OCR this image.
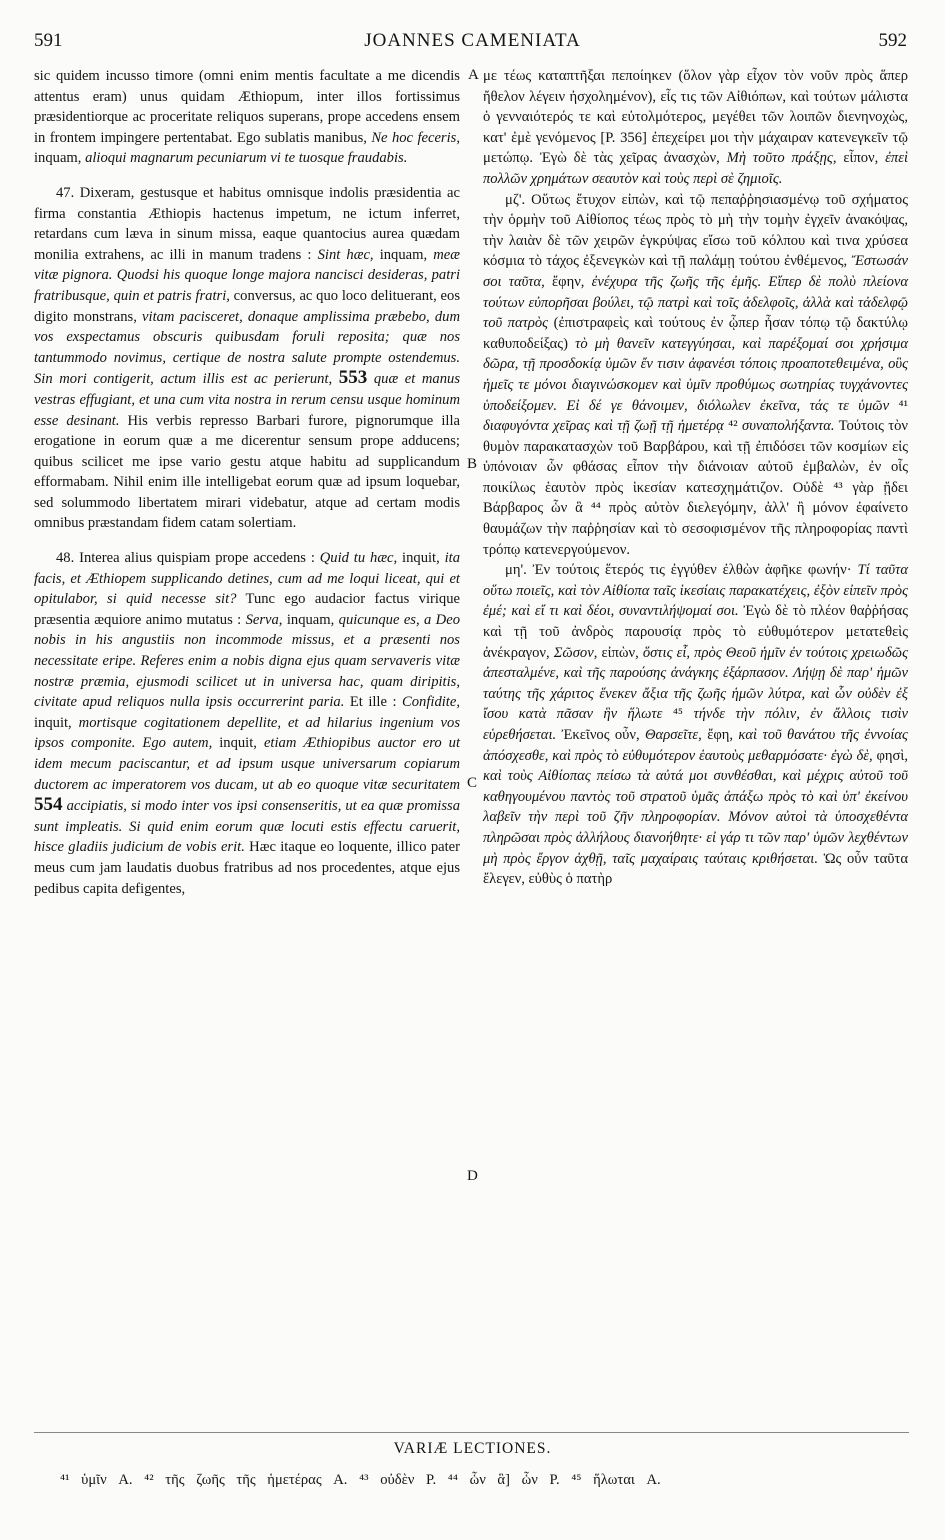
591	JOANNES CAMENIATA	592
A
B
C
D

sic quidem incusso timore (omni enim mentis facultate a me dicendis attentus eram) unus quidam Æthiopum, inter illos fortissimus præsidentiorque ac proceritate reliquos superans, prope accedens ensem in frontem impingere pertentabat. Ego sublatis manibus, Ne hoc feceris, inquam, alioqui magnarum pecuniarum vi te tuosque fraudabis.

47. Dixeram, gestusque et habitus omnisque indolis præsidentia ac firma constantia Æthiopis hactenus impetum, ne ictum inferret, retardans cum læva in sinum missa, eaque quantocius aurea quædam monilia extrahens, ac illi in manum tradens : Sint hæc, inquam, meæ vitæ pignora. Quodsi his quoque longe majora nancisci desideras, patri fratribusque, quin et patris fratri, conversus, ac quo loco delituerant, eos digito monstrans, vitam pacisceret, donaque amplissima præbebo, dum vos exspectamus obscuris quibusdam foruli reposita; quæ nos tantummodo novimus, certique de nostra salute prompte ostendemus. Sin mori contigerit, actum illis est ac perierunt, 553 quæ et manus vestras effugiant, et una cum vita nostra in rerum censu usque hominum esse desinant. His verbis represso Barbari furore, pignorumque illa erogatione in eorum quæ a me dicerentur sensum prope adducens; quibus scilicet me ipse vario gestu atque habitu ad supplicandum efformabam. Nihil enim ille intelligebat eorum quæ ad ipsum loquebar, sed solummodo libertatem mirari videbatur, atque ad certam modis omnibus præstandam fidem catam solertiam.

48. Interea alius quispiam prope accedens : Quid tu hæc, inquit, ita facis, et Æthiopem supplicando detines, cum ad me loqui liceat, qui et opitulabor, si quid necesse sit? Tunc ego audacior factus virique præsentia æquiore animo mutatus : Serva, inquam, quicunque es, a Deo nobis in his angustiis non incommode missus, et a præsenti nos necessitate eripe. Referes enim a nobis digna ejus quam servaveris vitæ nostræ præmia, ejusmodi scilicet ut in universa hac, quam diripitis, civitate apud reliquos nulla ipsis occurrerint paria. Et ille : Confidite, inquit, mortisque cogitationem depellite, et ad hilarius ingenium vos ipsos componite. Ego autem, inquit, etiam Æthiopibus auctor ero ut idem mecum paciscantur, et ad ipsum usque universarum copiarum ductorem ac imperatorem vos ducam, ut ab eo quoque vitæ securitatem 554 accipiatis, si modo inter vos ipsi consenseritis, ut ea quæ promissa sunt impleatis. Si quid enim eorum quæ locuti estis effectu caruerit, hisce gladiis judicium de vobis erit. Hæc itaque eo loquente, illico pater meus cum jam laudatis duobus fratribus ad nos procedentes, atque ejus pedibus capita defigentes,

με τέως καταπτῆξαι πεποίηκεν (ὅλον γὰρ εἶχον τὸν νοῦν πρὸς ἅπερ ἤθελον λέγειν ἠσχολημένον), εἷς τις τῶν Αἰθιόπων, καὶ τούτων μάλιστα ὁ γενναιότερός τε καὶ εὐτολμότερος, μεγέθει τῶν λοιπῶν διενηνοχὼς, κατ' ἐμὲ γενόμενος [P. 356] ἐπεχείρει μοι τὴν μάχαιραν κατενεγκεῖν τῷ μετώπῳ. Ἐγὼ δὲ τὰς χεῖρας ἀνασχὼν, Μὴ τοῦτο πράξῃς, εἶπον, ἐπεὶ πολλῶν χρημάτων σεαυτὸν καὶ τοὺς περὶ σὲ ζημιοῖς.

μζ'. Οὕτως ἔτυχον εἰπὼν, καὶ τῷ πεπαῤῥησιασμένῳ τοῦ σχήματος τὴν ὁρμὴν τοῦ Αἰθίοπος τέως πρὸς τὸ μὴ τὴν τομὴν ἐγχεῖν ἀνακόψας, τὴν λαιὰν δὲ τῶν χειρῶν ἐγκρύψας εἴσω τοῦ κόλπου καὶ τινα χρύσεα κόσμια τὸ τάχος ἐξενεγκὼν καὶ τῇ παλάμῃ τούτου ἐνθέμενος, Ἔστωσάν σοι ταῦτα, ἔφην, ἐνέχυρα τῆς ζωῆς τῆς ἐμῆς. Εἴπερ δὲ πολὺ πλείονα τούτων εὐπορῆσαι βούλει, τῷ πατρὶ καὶ τοῖς ἀδελφοῖς, ἀλλὰ καὶ τἀδελφῷ τοῦ πατρὸς (ἐπιστραφεὶς καὶ τούτους ἐν ᾧπερ ἦσαν τόπῳ τῷ δακτύλῳ καθυποδείξας) τὸ μὴ θανεῖν κατεγγύησαι, καὶ παρέξομαί σοι χρήσιμα δῶρα, τῇ προσδοκίᾳ ὑμῶν ἔν τισιν ἀφανέσι τόποις προαποτεθειμένα, οὓς ἡμεῖς τε μόνοι διαγινώσκομεν καὶ ὑμῖν προθύμως σωτηρίας τυγχάνοντες ὑποδείξομεν. Εἰ δέ γε θάνοιμεν, διόλωλεν ἐκεῖνα, τάς τε ὑμῶν ⁴¹ διαφυγόντα χεῖρας καὶ τῇ ζωῇ τῇ ἡμετέρᾳ ⁴² συναπολήξαντα. Τούτοις τὸν θυμὸν παρακατασχὼν τοῦ Βαρβάρου, καὶ τῇ ἐπιδόσει τῶν κοσμίων εἰς ὑπόνοιαν ὧν φθάσας εἶπον τὴν διάνοιαν αὐτοῦ ἐμβαλὼν, ἐν οἷς ποικίλως ἑαυτὸν πρὸς ἱκεσίαν κατεσχημάτιζον. Οὐδὲ ⁴³ γὰρ ᾔδει Βάρβαρος ὧν ἃ ⁴⁴ πρὸς αὐτὸν διελεγόμην, ἀλλ' ἢ μόνον ἐφαίνετο θαυμάζων τὴν παῤῥησίαν καὶ τὸ σεσοφισμένον τῆς πληροφορίας παντὶ τρόπῳ κατενεργούμενον.

μη'. Ἐν τούτοις ἕτερός τις ἐγγύθεν ἐλθὼν ἀφῆκε φωνήν· Τί ταῦτα οὕτω ποιεῖς, καὶ τὸν Αἰθίοπα ταῖς ἱκεσίαις παρακατέχεις, ἐξὸν εἰπεῖν πρὸς ἐμέ; καὶ εἴ τι καὶ δέοι, συναντιλήψομαί σοι. Ἐγὼ δὲ τὸ πλέον θαῤῥήσας καὶ τῇ τοῦ ἀνδρὸς παρουσίᾳ πρὸς τὸ εὐθυμότερον μετατεθεὶς ἀνέκραγον, Σῶσον, εἰπὼν, ὅστις εἶ, πρὸς Θεοῦ ἡμῖν ἐν τούτοις χρειωδῶς ἀπεσταλμένε, καὶ τῆς παρούσης ἀνάγκης ἐξάρπασον. Λήψῃ δὲ παρ' ἡμῶν ταύτης τῆς χάριτος ἕνεκεν ἄξια τῆς ζωῆς ἡμῶν λύτρα, καὶ ὧν οὐδὲν ἐξ ἴσου κατὰ πᾶσαν ἣν ἥλωτε ⁴⁵ τήνδε τὴν πόλιν, ἐν ἄλλοις τισὶν εὑρεθήσεται. Ἐκεῖνος οὖν, Θαρσεῖτε, ἔφη, καὶ τοῦ θανάτου τῆς ἐννοίας ἀπόσχεσθε, καὶ πρὸς τὸ εὐθυμότερον ἑαυτοὺς μεθαρμόσατε· ἐγὼ δὲ, φησὶ, καὶ τοὺς Αἰθίοπας πείσω τὰ αὐτά μοι συνθέσθαι, καὶ μέχρις αὐτοῦ τοῦ καθηγουμένου παντὸς τοῦ στρατοῦ ὑμᾶς ἀπάξω πρὸς τὸ καὶ ὑπ' ἐκείνου λαβεῖν τὴν περὶ τοῦ ζῆν πληροφορίαν. Μόνον αὐτοὶ τὰ ὑποσχεθέντα πληρῶσαι πρὸς ἀλλήλους διανοήθητε· εἰ γάρ τι τῶν παρ' ὑμῶν λεχθέντων μὴ πρὸς ἔργον ἀχθῇ, ταῖς μαχαίραις ταύταις κριθήσεται. Ὡς οὖν ταῦτα ἔλεγεν, εὐθὺς ὁ πατὴρ

VARIÆ LECTIONES.
⁴¹ ὑμῖν A. ⁴² τῆς ζωῆς τῆς ἡμετέρας A. ⁴³ οὐδὲν P. ⁴⁴ ὧν ἃ] ὧν P. ⁴⁵ ἥλωται A.
